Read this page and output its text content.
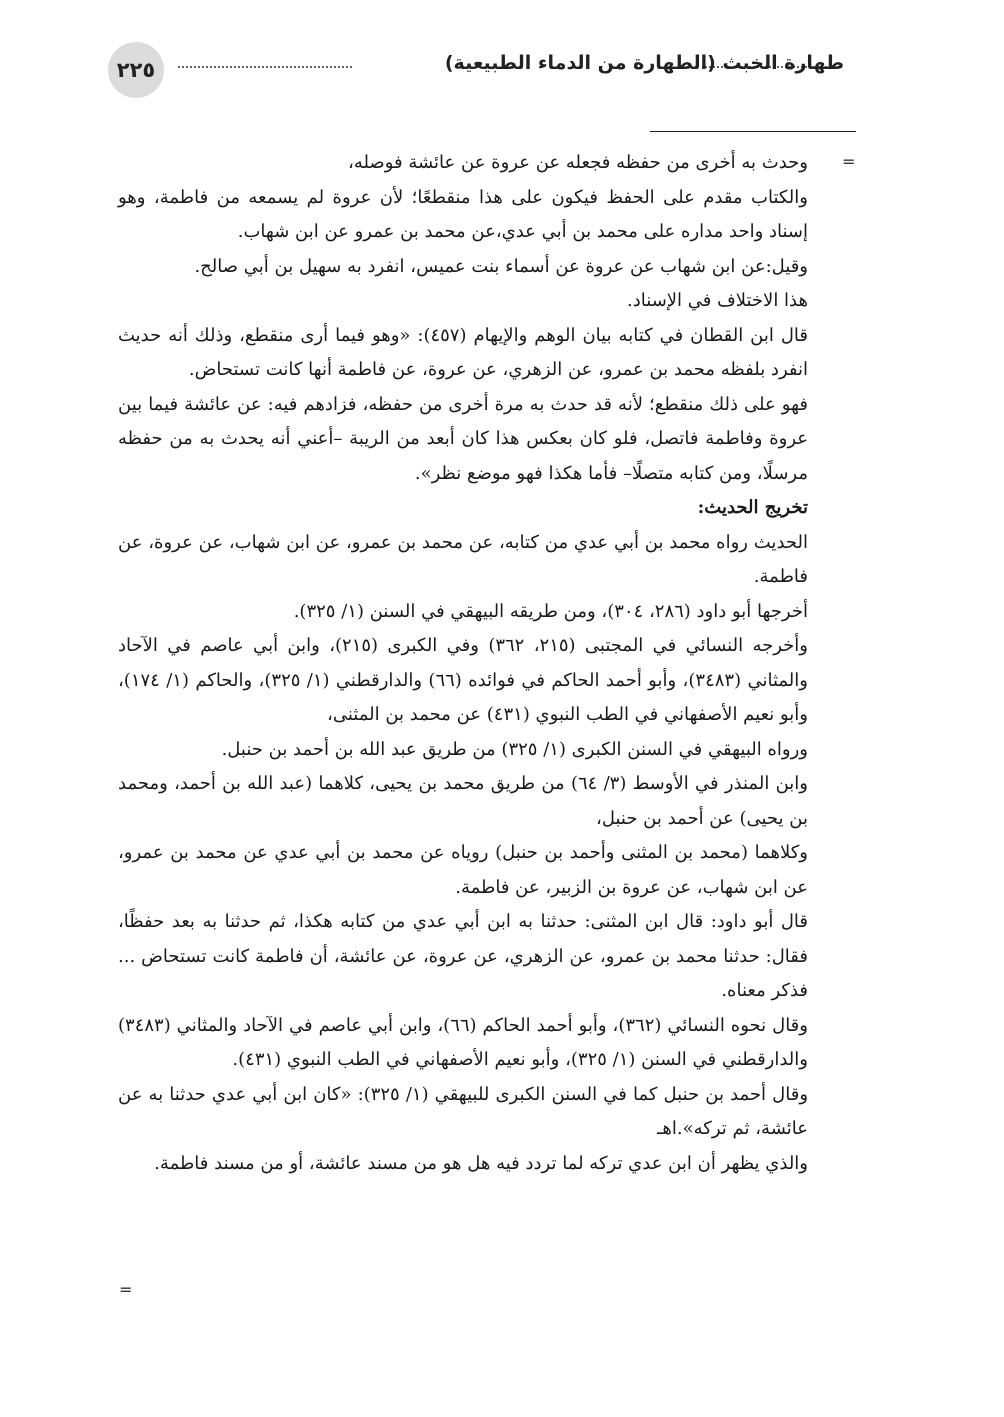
٢٢٥	طهارة الخبث (الطهارة من الدماء الطبيعية)
=

وحدث به أخرى من حفظه فجعله عن عروة عن عائشة فوصله،

والكتاب مقدم على الحفظ فيكون على هذا منقطعًا؛ لأن عروة لم يسمعه من فاطمة، وهو إسناد واحد مداره على محمد بن أبي عدي،عن محمد بن عمرو عن ابن شهاب.

وقيل:عن ابن شهاب عن عروة عن أسماء بنت عميس، انفرد به سهيل بن أبي صالح.

هذا الاختلاف في الإسناد.

قال ابن القطان في كتابه بيان الوهم والإيهام (٤٥٧): «وهو فيما أرى منقطع، وذلك أنه حديث انفرد بلفظه محمد بن عمرو، عن الزهري، عن عروة، عن فاطمة أنها كانت تستحاض.

فهو على ذلك منقطع؛ لأنه قد حدث به مرة أخرى من حفظه، فزادهم فيه: عن عائشة فيما بين عروة وفاطمة فاتصل، فلو كان بعكس هذا كان أبعد من الريبة –أعني أنه يحدث به من حفظه مرسلًا، ومن كتابه متصلًا– فأما هكذا فهو موضع نظر».

تخريج الحديث:

الحديث رواه محمد بن أبي عدي من كتابه، عن محمد بن عمرو، عن ابن شهاب، عن عروة، عن فاطمة.

أخرجها أبو داود (٢٨٦، ٣٠٤)، ومن طريقه البيهقي في السنن (١/ ٣٢٥).

وأخرجه النسائي في المجتبى (٢١٥، ٣٦٢) وفي الكبرى (٢١٥)، وابن أبي عاصم في الآحاد والمثاني (٣٤٨٣)، وأبو أحمد الحاكم في فوائده (٦٦) والدارقطني (١/ ٣٢٥)، والحاكم (١/ ١٧٤)، وأبو نعيم الأصفهاني في الطب النبوي (٤٣١) عن محمد بن المثنى،

ورواه البيهقي في السنن الكبرى (١/ ٣٢٥) من طريق عبد الله بن أحمد بن حنبل.

وابن المنذر في الأوسط (٣/ ٦٤) من طريق محمد بن يحيى، كلاهما (عبد الله بن أحمد، ومحمد بن يحيى) عن أحمد بن حنبل،

وكلاهما (محمد بن المثنى وأحمد بن حنبل) روياه عن محمد بن أبي عدي عن محمد بن عمرو، عن ابن شهاب، عن عروة بن الزبير، عن فاطمة.

قال أبو داود: قال ابن المثنى: حدثنا به ابن أبي عدي من كتابه هكذا، ثم حدثنا به بعد حفظًا، فقال: حدثنا محمد بن عمرو، عن الزهري، عن عروة، عن عائشة، أن فاطمة كانت تستحاض ... فذكر معناه.

وقال نحوه النسائي (٣٦٢)، وأبو أحمد الحاكم (٦٦)، وابن أبي عاصم في الآحاد والمثاني (٣٤٨٣) والدارقطني في السنن (١/ ٣٢٥)، وأبو نعيم الأصفهاني في الطب النبوي (٤٣١).

وقال أحمد بن حنبل كما في السنن الكبرى للبيهقي (١/ ٣٢٥): «كان ابن أبي عدي حدثنا به عن عائشة، ثم تركه».اهـ

والذي يظهر أن ابن عدي تركه لما تردد فيه هل هو من مسند عائشة، أو من مسند فاطمة.

=
